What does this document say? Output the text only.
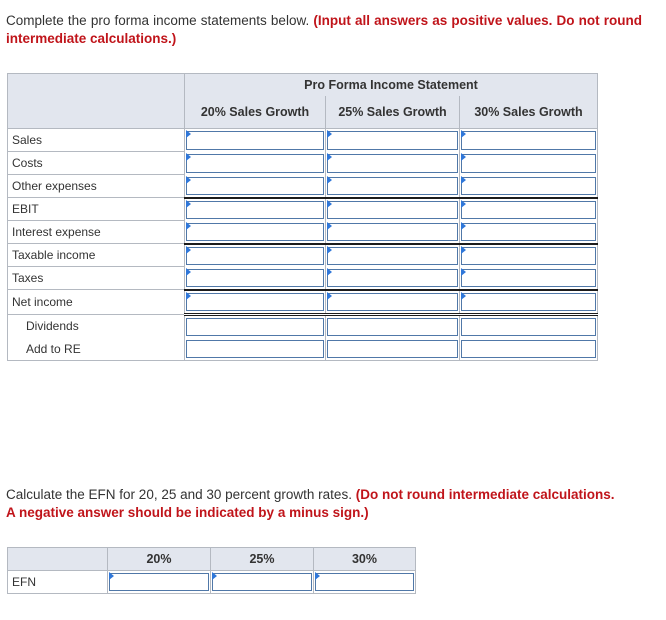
Complete the pro forma income statements below. (Input all answers as positive values. Do not round intermediate calculations.)
	Pro Forma Income Statement		
	20% Sales Growth	25% Sales Growth	30% Sales Growth
Sales	

Costs	

Other expenses	

EBIT	

Interest expense	

Taxable income	

Taxes	

Net income	

Dividends	

Add to RE	

Calculate the EFN for 20, 25 and 30 percent growth rates. (Do not round intermediate calculations. A negative answer should be indicated by a minus sign.)
	20%	25%	30%
EFN	
